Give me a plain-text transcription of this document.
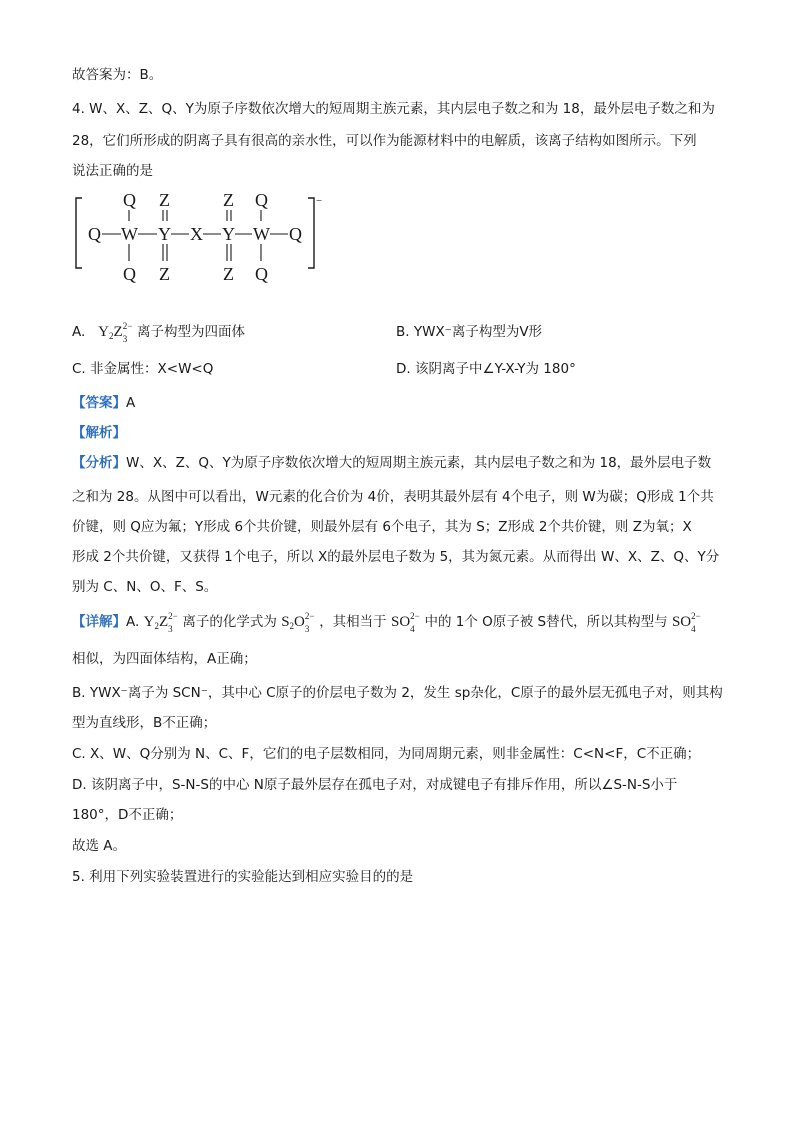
故答案为：B。
4. W、X、Z、Q、Y为原子序数依次增大的短周期主族元素，其内层电子数之和为 18，最外层电子数之和为
28，它们所形成的阴离子具有很高的亲水性，可以作为能源材料中的电解质，该离子结构如图所示。下列
说法正确的是
−
Q W Y X Y W Q
Q Z	Z Q
Q Z	Z Q
A. $Y_2Z$ 2−
3 离子构型为四面体	B. YWX⁻离子构型为V形
C. 非金属性：X<W<Q	D. 该阴离子中∠Y-X-Y为 180°
【答案】A
【解析】
【分析】W、X、Z、Q、Y为原子序数依次增大的短周期主族元素，其内层电子数之和为 18，最外层电子数
之和为 28。从图中可以看出，W元素的化合价为 4价，表明其最外层有 4个电子，则 W为碳；Q形成 1个共
价键，则 Q应为氟；Y形成 6个共价键，则最外层有 6个电子，其为 S；Z形成 2个共价键，则 Z为氧；X
形成 2个共价键，又获得 1个电子，所以 X的最外层电子数为 5，其为氮元素。从而得出 W、X、Z、Q、Y分
别为 C、N、O、F、S。
【详解】A. $Y_2Z$ 2−
3 离子的化学式为 $S_2O$ 2−
3 ，其相当于 SO 2−
4 中的 1个 O原子被 S替代，所以其构型与 SO 2−
4
相似，为四面体结构，A正确；
B. YWX⁻离子为 SCN⁻，其中心 C原子的价层电子数为 2，发生 sp杂化，C原子的最外层无孤电子对，则其构
型为直线形，B不正确；
C. X、W、Q分别为 N、C、F，它们的电子层数相同，为同周期元素，则非金属性：C<N<F，C不正确；
D. 该阴离子中，S-N-S的中心 N原子最外层存在孤电子对，对成键电子有排斥作用，所以∠S-N-S小于
180°，D不正确；
故选 A。
5. 利用下列实验装置进行的实验能达到相应实验目的的是
